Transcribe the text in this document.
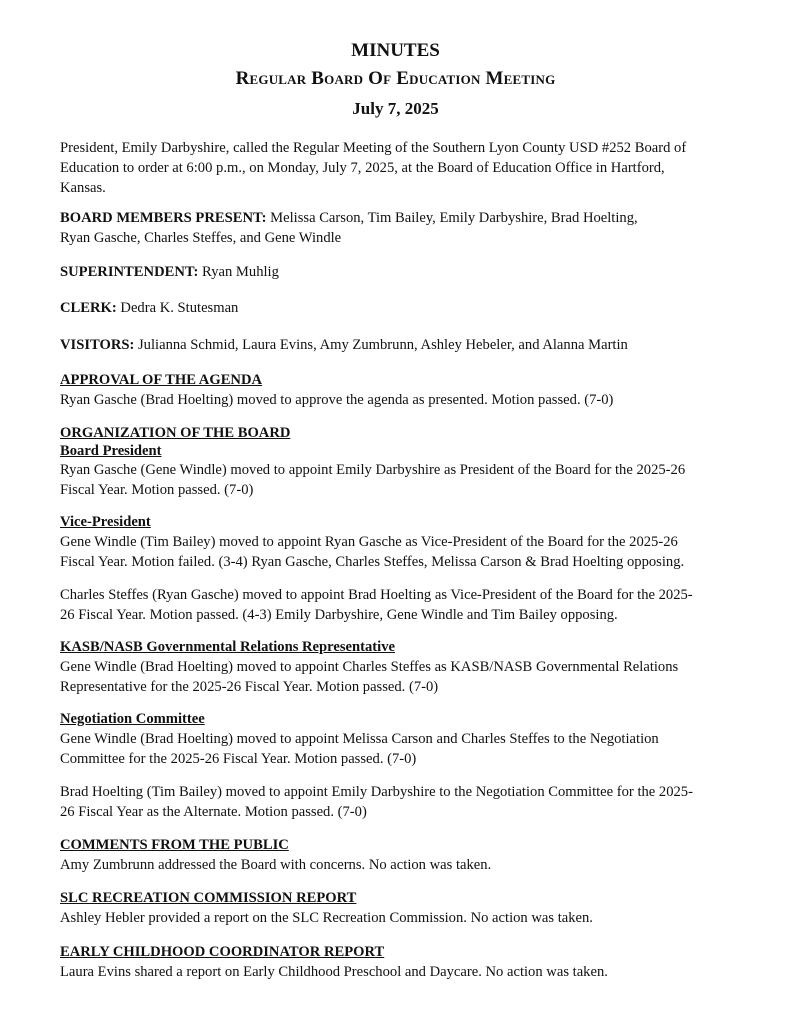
MINUTES
Regular Board Of Education Meeting
July 7, 2025
President, Emily Darbyshire, called the Regular Meeting of the Southern Lyon County USD #252 Board of
Education to order at 6:00 p.m., on Monday, July 7, 2025, at the Board of Education Office in Hartford,
Kansas.
BOARD MEMBERS PRESENT: Melissa Carson, Tim Bailey, Emily Darbyshire, Brad Hoelting,
Ryan Gasche, Charles Steffes, and Gene Windle
SUPERINTENDENT: Ryan Muhlig
CLERK: Dedra K. Stutesman
VISITORS: Julianna Schmid, Laura Evins, Amy Zumbrunn, Ashley Hebeler, and Alanna Martin
APPROVAL OF THE AGENDA
Ryan Gasche (Brad Hoelting) moved to approve the agenda as presented. Motion passed. (7-0)
ORGANIZATION OF THE BOARD
Board President
Ryan Gasche (Gene Windle) moved to appoint Emily Darbyshire as President of the Board for the 2025-26
Fiscal Year. Motion passed. (7-0)
Vice-President
Gene Windle (Tim Bailey) moved to appoint Ryan Gasche as Vice-President of the Board for the 2025-26
Fiscal Year. Motion failed. (3-4) Ryan Gasche, Charles Steffes, Melissa Carson & Brad Hoelting opposing.
Charles Steffes (Ryan Gasche) moved to appoint Brad Hoelting as Vice-President of the Board for the 2025-
26 Fiscal Year. Motion passed. (4-3) Emily Darbyshire, Gene Windle and Tim Bailey opposing.
KASB/NASB Governmental Relations Representative
Gene Windle (Brad Hoelting) moved to appoint Charles Steffes as KASB/NASB Governmental Relations
Representative for the 2025-26 Fiscal Year. Motion passed. (7-0)
Negotiation Committee
Gene Windle (Brad Hoelting) moved to appoint Melissa Carson and Charles Steffes to the Negotiation
Committee for the 2025-26 Fiscal Year. Motion passed. (7-0)
Brad Hoelting (Tim Bailey) moved to appoint Emily Darbyshire to the Negotiation Committee for the 2025-
26 Fiscal Year as the Alternate. Motion passed. (7-0)
COMMENTS FROM THE PUBLIC
Amy Zumbrunn addressed the Board with concerns. No action was taken.
SLC RECREATION COMMISSION REPORT
Ashley Hebler provided a report on the SLC Recreation Commission. No action was taken.
EARLY CHILDHOOD COORDINATOR REPORT
Laura Evins shared a report on Early Childhood Preschool and Daycare. No action was taken.
